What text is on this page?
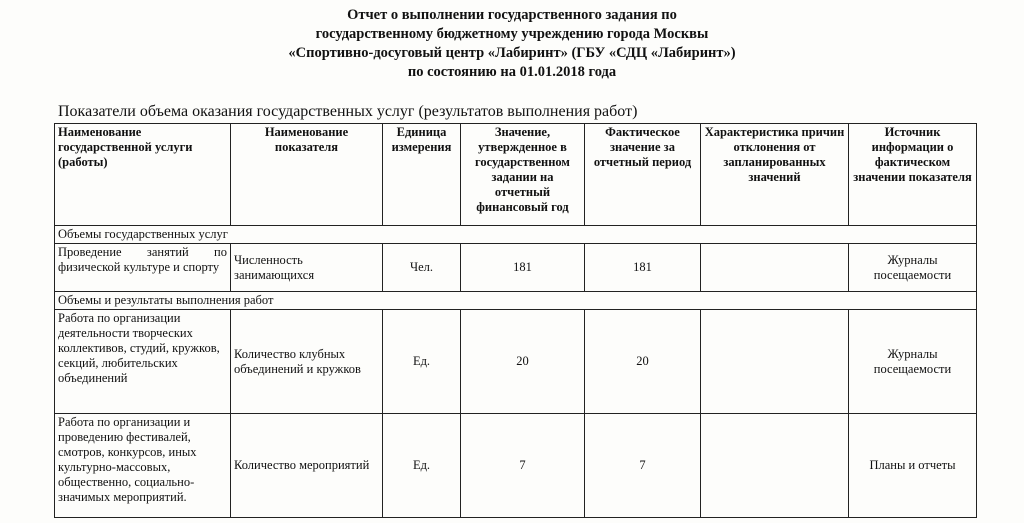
Отчет о выполнении государственного задания по
государственному бюджетному учреждению города Москвы
«Спортивно-досуговый центр «Лабиринт» (ГБУ «СДЦ «Лабиринт»)
по состоянию на 01.01.2018 года
Показатели объема оказания государственных услуг (результатов выполнения работ)
Наименование государственной услуги (работы)	Наименование показателя	Единица измерения	Значение, утвержденное в государственном задании на отчетный финансовый год	Фактическое значение за отчетный период	Характеристика причин отклонения от запланированных значений	Источник информации о фактическом значении показателя
Объемы государственных услуг						
Проведение занятий по физической культуре и спорту	Численность занимающихся	Чел.	181	181		Журналы посещаемости
Объемы и результаты выполнения работ						
Работа по организации деятельности творческих коллективов, студий, кружков, секций, любительских объединений	Количество клубных объединений и кружков	Ед.	20	20		Журналы посещаемости
Работа по организации и проведению фестивалей, смотров, конкурсов, иных культурно-массовых, общественно, социально-значимых мероприятий.	Количество мероприятий	Ед.	7	7		Планы и отчеты
